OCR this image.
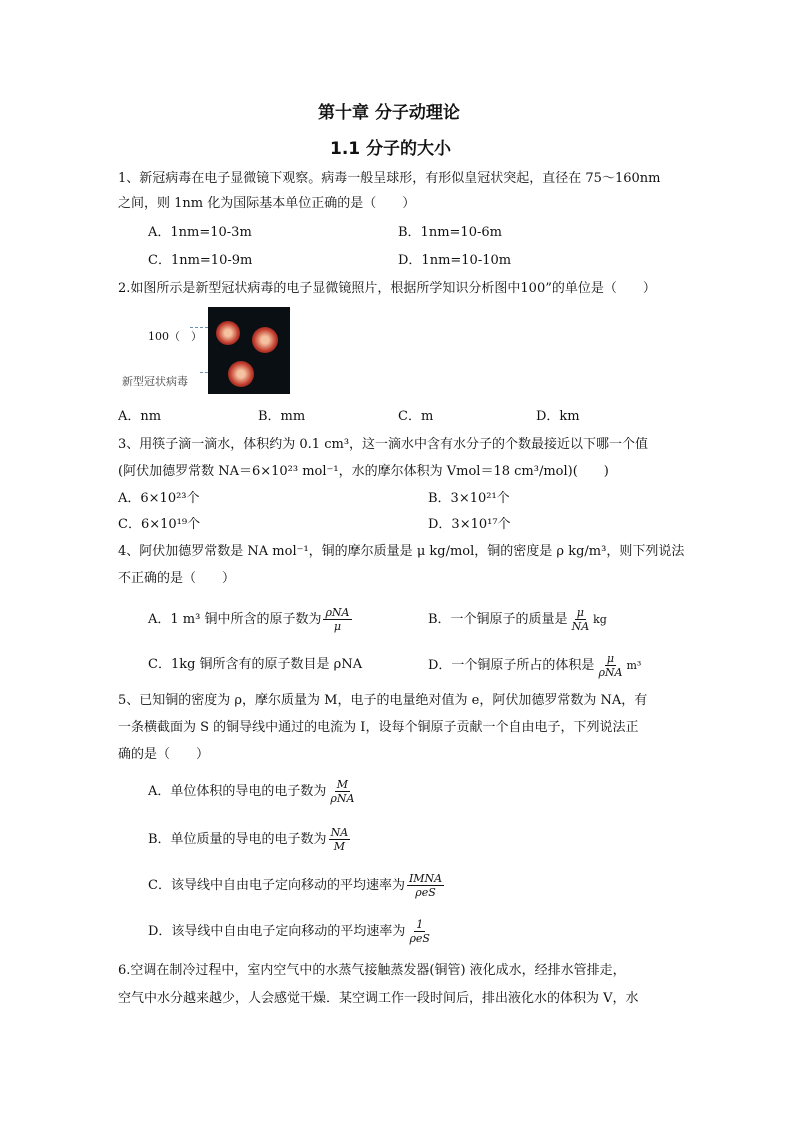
第十章 分子动理论
1.1 分子的大小
1、新冠病毒在电子显微镜下观察。病毒一般呈球形，有形似皇冠状突起，直径在 75～160nm
之间，则 1nm 化为国际基本单位正确的是（　　）
A．1nm=10-3m	B．1nm=10-6m
C．1nm=10-9m	D．1nm=10-10m
2.如图所示是新型冠状病毒的电子显微镜照片，根据所学知识分析图中100”的单位是（　　）
100（　）
新型冠状病毒
A．nm	B．mm	C．m	D．km
3、用筷子滴一滴水，体积约为 0.1 cm³，这一滴水中含有水分子的个数最接近以下哪一个值
(阿伏加德罗常数 NA＝6×10²³ mol⁻¹，水的摩尔体积为 Vmol＝18 cm³/mol)(　　)
A．6×10²³个	B．3×10²¹个
C．6×10¹⁹个	D．3×10¹⁷个
4、阿伏加德罗常数是 NA mol⁻¹，铜的摩尔质量是 μ kg/mol，铜的密度是 ρ kg/m³，则下列说法
不正确的是（　　）
A．1 m³ 铜中所含的原子数为 $\frac{\text{ρNA}}{\mu}$	B．一个铜原子的质量是 $\frac{\mu}{NA}$ kg
C．1kg 铜所含有的原子数目是 ρNA	D．一个铜原子所占的体积是 $\frac{\mu}{\text{ρNA}} m^3$
5、已知铜的密度为 ρ，摩尔质量为 M，电子的电量绝对值为 e，阿伏加德罗常数为 NA，有
一条横截面为 S 的铜导线中通过的电流为 I，设每个铜原子贡献一个自由电子，下列说法正
确的是（　　）
A．单位体积的导电的电子数为 $\frac{M}{\text{ρNA}}$
B．单位质量的导电的电子数为 $\frac{NA}{M}$
C．该导线中自由电子定向移动的平均速率为 $\frac{\text{IMNA}}{\text{ρeS}}$
D．该导线中自由电子定向移动的平均速率为 $\frac{1}{\text{ρeS}}$
6.空调在制冷过程中，室内空气中的水蒸气接触蒸发器(铜管) 液化成水，经排水管排走，
空气中水分越来越少，人会感觉干燥．某空调工作一段时间后，排出液化水的体积为 V，水
